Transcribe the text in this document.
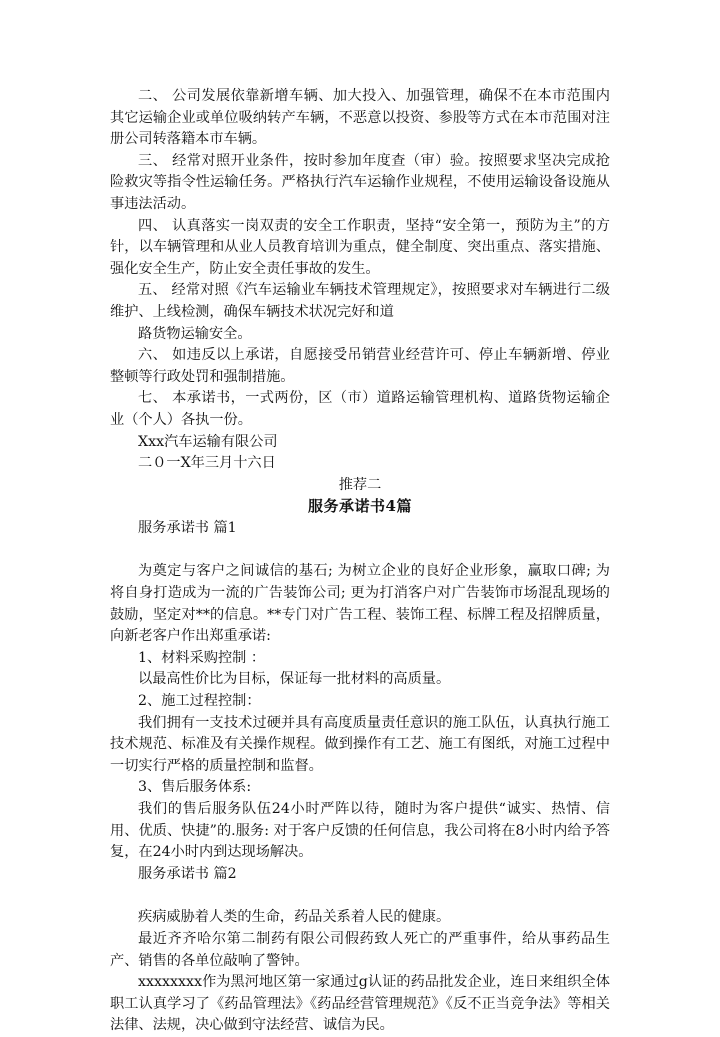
二、 公司发展依靠新增车辆、加大投入、加强管理，确保不在本市范围内其它运输企业或单位吸纳转产车辆，不恶意以投资、参股等方式在本市范围对注册公司转落籍本市车辆。

三、 经常对照开业条件，按时参加年度查（审）验。按照要求坚决完成抢险救灾等指令性运输任务。严格执行汽车运输作业规程，不使用运输设备设施从事违法活动。

四、 认真落实一岗双责的安全工作职责，坚持“安全第一，预防为主”的方针，以车辆管理和从业人员教育培训为重点，健全制度、突出重点、落实措施、强化安全生产，防止安全责任事故的发生。

五、 经常对照《汽车运输业车辆技术管理规定》，按照要求对车辆进行二级维护、上线检测，确保车辆技术状况完好和道

路货物运输安全。

六、 如违反以上承诺，自愿接受吊销营业经营许可、停止车辆新增、停业整顿等行政处罚和强制措施。

七、 本承诺书，一式两份，区（市）道路运输管理机构、道路货物运输企业（个人）各执一份。

Xxx汽车运输有限公司

二０一X年三月十六日

推荐二

服务承诺书4篇

服务承诺书 篇1

为奠定与客户之间诚信的基石; 为树立企业的良好企业形象，赢取口碑; 为将自身打造成为一流的广告装饰公司; 更为打消客户对广告装饰市场混乱现场的鼓励，坚定对**的信息。**专门对广告工程、装饰工程、标牌工程及招牌质量，向新老客户作出郑重承诺:

1、材料采购控制 ：

以最高性价比为目标，保证每一批材料的高质量。

2、施工过程控制：

我们拥有一支技术过硬并具有高度质量责任意识的施工队伍，认真执行施工技术规范、标准及有关操作规程。做到操作有工艺、施工有图纸，对施工过程中一切实行严格的质量控制和监督。

3、售后服务体系:

我们的售后服务队伍24小时严阵以待，随时为客户提供“诚实、热情、信用、优质、快捷”的.服务: 对于客户反馈的任何信息，我公司将在8小时内给予答复，在24小时内到达现场解决。

服务承诺书 篇2

疾病威胁着人类的生命，药品关系着人民的健康。

最近齐齐哈尔第二制药有限公司假药致人死亡的严重事件，给从事药品生产、销售的各单位敲响了警钟。

xxxxxxxx作为黑河地区第一家通过g认证的药品批发企业，连日来组织全体职工认真学习了《药品管理法》《药品经营管理规范》《反不正当竞争法》等相关法律、法规，决心做到守法经营、诚信为民。
